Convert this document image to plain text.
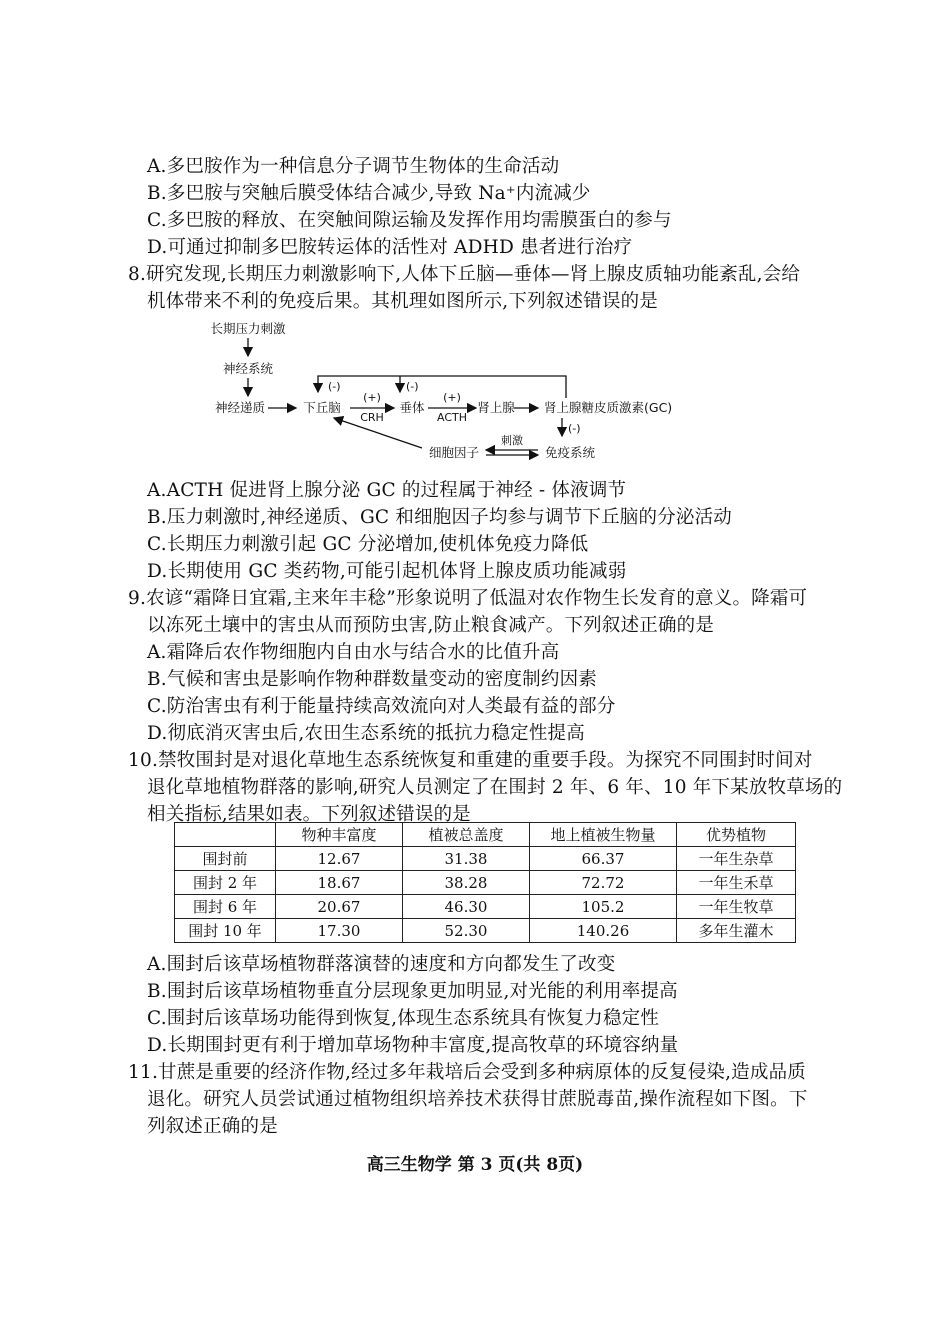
A.多巴胺作为一种信息分子调节生物体的生命活动
B.多巴胺与突触后膜受体结合减少,导致 Na⁺内流减少
C.多巴胺的释放、在突触间隙运输及发挥作用均需膜蛋白的参与
D.可通过抑制多巴胺转运体的活性对 ADHD 患者进行治疗
8.研究发现,长期压力刺激影响下,人体下丘脑—垂体—肾上腺皮质轴功能紊乱,会给
机体带来不利的免疫后果。其机理如图所示,下列叙述错误的是
长期压力刺激
神经系统
神经递质	下丘脑
(+)
CRH
垂体
(+)
ACTH
肾上腺 肾上腺糖皮质激素(GC)
(-)	(-)
(-)
刺激
细胞因子	免疫系统
A.ACTH 促进肾上腺分泌 GC 的过程属于神经 - 体液调节
B.压力刺激时,神经递质、GC 和细胞因子均参与调节下丘脑的分泌活动
C.长期压力刺激引起 GC 分泌增加,使机体免疫力降低
D.长期使用 GC 类药物,可能引起机体肾上腺皮质功能减弱
9.农谚“霜降日宜霜,主来年丰稔”形象说明了低温对农作物生长发育的意义。降霜可
以冻死土壤中的害虫从而预防虫害,防止粮食减产。下列叙述正确的是
A.霜降后农作物细胞内自由水与结合水的比值升高
B.气候和害虫是影响作物种群数量变动的密度制约因素
C.防治害虫有利于能量持续高效流向对人类最有益的部分
D.彻底消灭害虫后,农田生态系统的抵抗力稳定性提高
10.禁牧围封是对退化草地生态系统恢复和重建的重要手段。为探究不同围封时间对
退化草地植物群落的影响,研究人员测定了在围封 2 年、6 年、10 年下某放牧草场的
相关指标,结果如表。下列叙述错误的是
	物种丰富度	植被总盖度	地上植被生物量	优势植物
围封前	12.67	31.38	66.37	一年生杂草
围封 2 年	18.67	38.28	72.72	一年生禾草
围封 6 年	20.67	46.30	105.2	一年生牧草
围封 10 年	17.30	52.30	140.26	多年生灌木
A.围封后该草场植物群落演替的速度和方向都发生了改变
B.围封后该草场植物垂直分层现象更加明显,对光能的利用率提高
C.围封后该草场功能得到恢复,体现生态系统具有恢复力稳定性
D.长期围封更有利于增加草场物种丰富度,提高牧草的环境容纳量
11.甘蔗是重要的经济作物,经过多年栽培后会受到多种病原体的反复侵染,造成品质
退化。研究人员尝试通过植物组织培养技术获得甘蔗脱毒苗,操作流程如下图。下
列叙述正确的是
高三生物学 第 3 页(共 8页)
